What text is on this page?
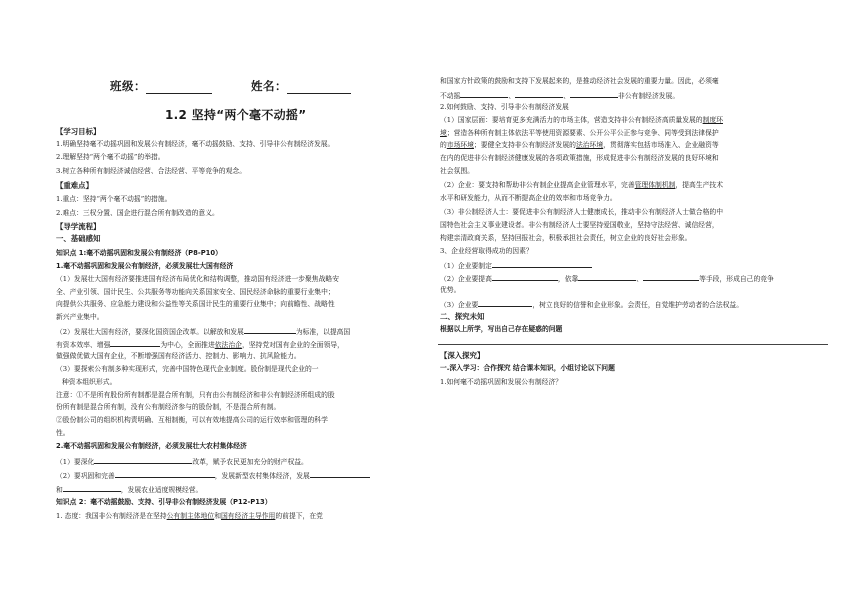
班级：	姓名：
1.2 坚持“两个毫不动摇”
【学习目标】
1.明确坚持毫不动摇巩固和发展公有制经济，毫不动摇鼓励、支持、引导非公有制经济发展。
2.理解坚持“两个毫不动摇”的举措。
3.树立各种所有制经济诚信经营、合法经营、平等竞争的观念。
【重难点】
1.重点：坚持“两个毫不动摇”的措施。
2.难点：三权分置、国企进行混合所有制改造的意义。
【导学流程】
一、基础感知
知识点 1:毫不动摇巩固和发展公有制经济（P8-P10）
1.毫不动摇巩固和发展公有制经济，必须发展壮大国有经济
（1）发展壮大国有经济要推进国有经济布局优化和结构调整，推动国有经济进一步聚焦战略安
全、产业引领、国计民生、公共服务等功能向关系国家安全、国民经济命脉的重要行业集中；
向提供公共服务、应急能力建设和公益性等关系国计民生的重要行业集中；向前瞻性、战略性
新兴产业集中。
（2）发展壮大国有经济，要深化国资国企改革。以解放和发展	为标准，以提高国
有资本效率、增强	为中心，全面推进依法治企，坚持党对国有企业的全面领导，
做强做优做大国有企业，不断增强国有经济活力、控制力、影响力、抗风险能力。
（3）要探索公有制多种实现形式，完善中国特色现代企业制度。股份制是现代企业的一
种资本组织形式。
注意：①不是所有股份所有制都是混合所有制，只有由公有制经济和非公有制经济所组成的股
份所有制是混合所有制，没有公有制经济参与的股份制，不是混合所有制。
②股份制公司的组织机构责明确、互相制衡，可以有效地提高公司的运行效率和管理的科学
性。
2.毫不动摇巩固和发展公有制经济，必须发展壮大农村集体经济
（1）要深化	改革，赋予农民更加充分的财产权益。
（2）要巩固和完善	，发展新型农村集体经济，发展
和	，发展农业适度规模经营。
知识点 2：毫不动摇鼓励、支持、引导非公有制经济发展（P12-P13）
1. 态度：我国非公有制经济是在坚持公有制主体地位和国有经济主导作用的前提下，在党
和国家方针政策的鼓励和支持下发展起来的，是推动经济社会发展的重要力量。因此，必须毫
不动摇	、	、	非公有制经济发展。
2.如何鼓励、支持、引导非公有制经济发展
（1）国家层面：要培育更多充满活力的市场主体，营造支持非公有制经济高质量发展的制度环
境；营造各种所有制主体依法平等使用资源要素、公开公平公正参与竞争、同等受到法律保护
的市场环境；要健全支持非公有制经济发展的法治环境，贯彻落实包括市场准入、企业融资等
在内的促进非公有制经济健康发展的各项政策措施，形成促进非公有制经济发展的良好环境和
社会氛围。
（2）企业：要支持和帮助非公有制企业提高企业管理水平，完善管理体制机制，提高生产技术
水平和研发能力，从而不断提高企业的效率和市场竞争力。
（3）非公制经济人士：要促进非公有制经济人士健康成长，推动非公有制经济人士做合格的中
国特色社会主义事业建设者。非公有制经济人士要坚持爱国敬业，坚持守法经营、诚信经营，
构建亲清政商关系，坚持回报社会，积极承担社会责任，树立企业的良好社会形象。
3、企业经营取得成功的因素？
（1）企业要制定
（2）企业要提高	，依靠	、	等手段，形成自己的竞争
优势。
（3）企业要	，树立良好的信誉和企业形象。会责任，自觉维护劳动者的合法权益。
二、探究未知
根据以上所学，写出自己存在疑惑的问题
【深入探究】
一.深入学习：合作探究 结合课本知识，小组讨论以下问题
1.如何毫不动摇巩固和发展公有制经济？
